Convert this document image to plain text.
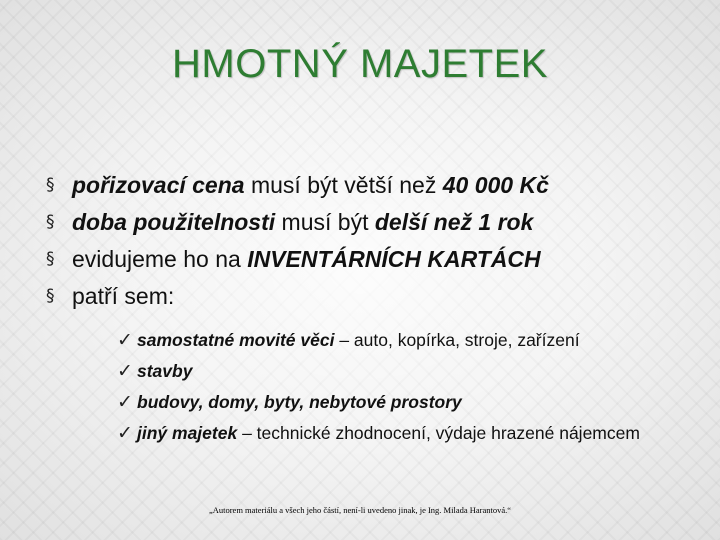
HMOTNÝ MAJETEK
§ pořizovací cena musí být větší než 40 000 Kč
§ doba použitelnosti musí být delší než 1 rok
§ evidujeme ho na INVENTÁRNÍCH KARTÁCH
§ patří sem:
✓ samostatné movité věci – auto, kopírka, stroje, zařízení
✓ stavby
✓ budovy, domy, byty, nebytové prostory
✓ jiný majetek – technické zhodnocení, výdaje hrazené nájemcem
„Autorem materiálu a všech jeho částí, není-li uvedeno jinak, je Ing. Milada Harantová.“
